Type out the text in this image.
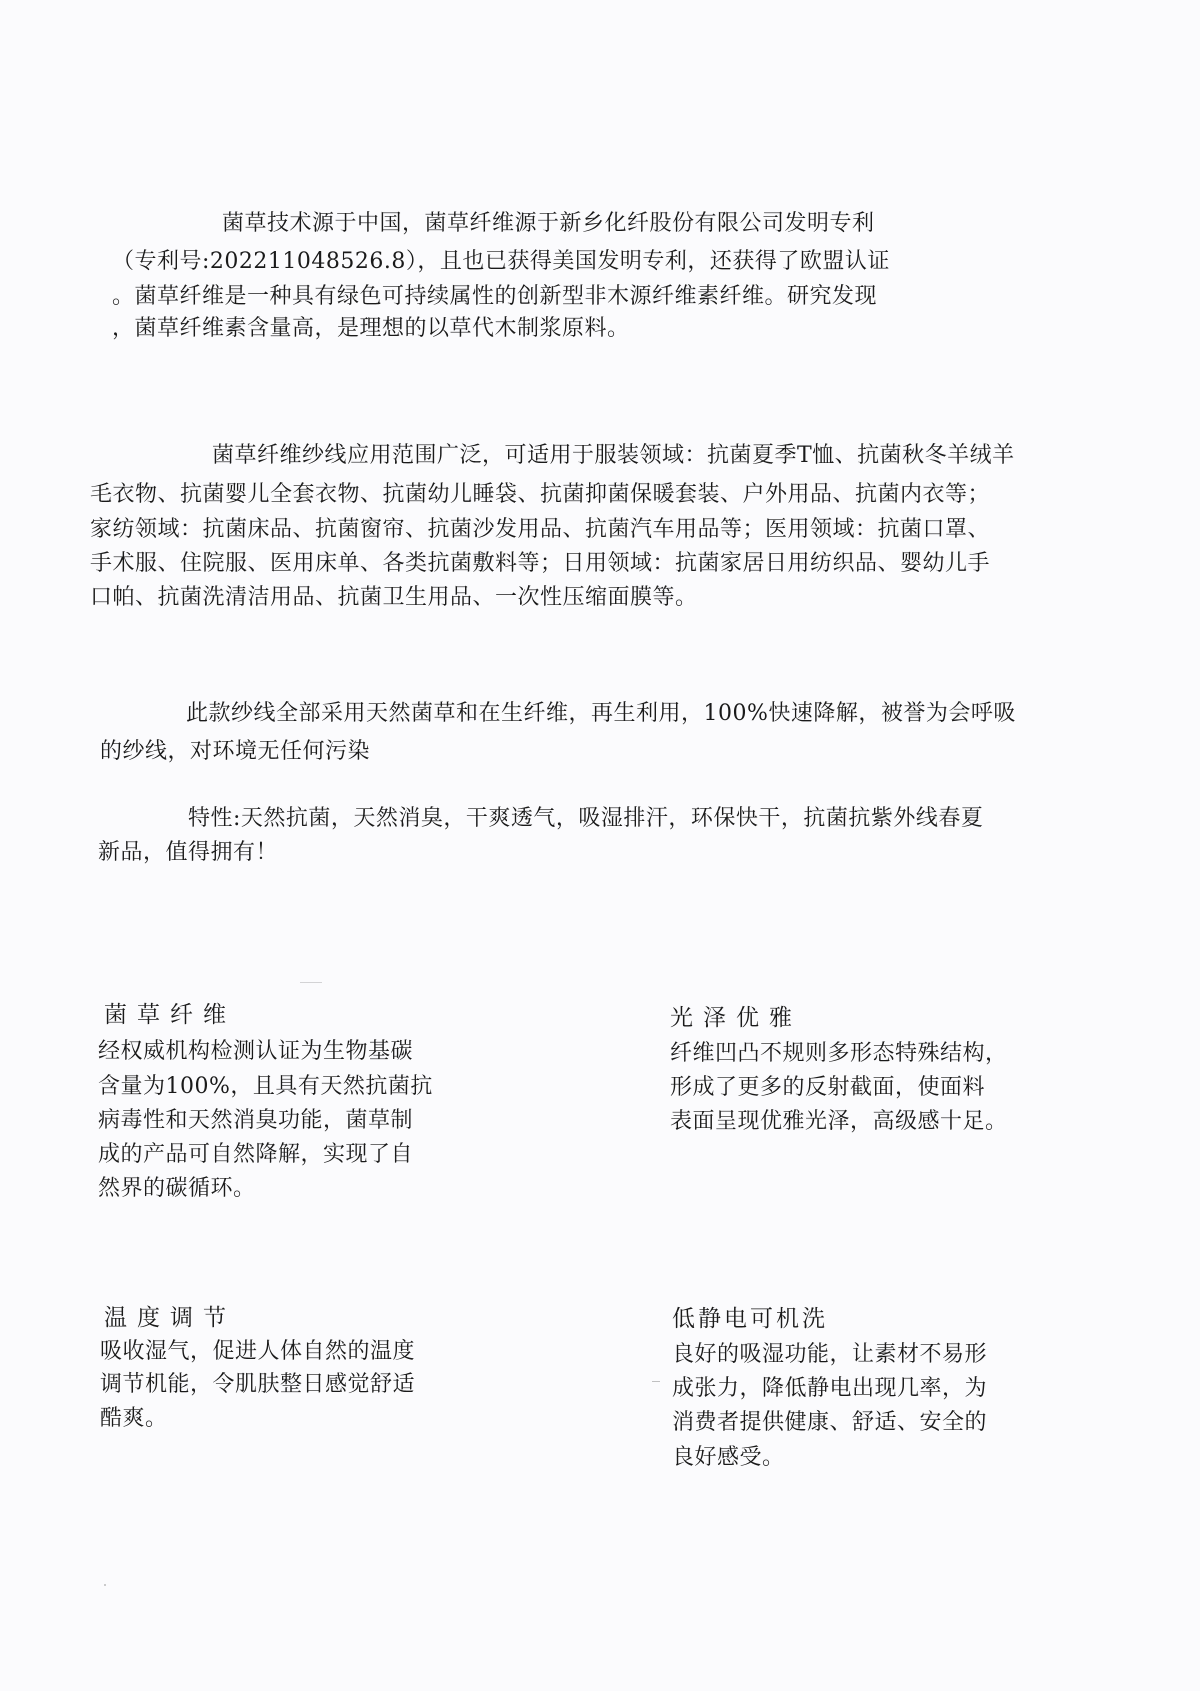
菌草技术源于中国，菌草纤维源于新乡化纤股份有限公司发明专利
（专利号:202211048526.8），且也已获得美国发明专利，还获得了欧盟认证
。菌草纤维是一种具有绿色可持续属性的创新型非木源纤维素纤维。研究发现
，菌草纤维素含量高，是理想的以草代木制浆原料。
菌草纤维纱线应用范围广泛，可适用于服装领域：抗菌夏季T恤、抗菌秋冬羊绒羊
毛衣物、抗菌婴儿全套衣物、抗菌幼儿睡袋、抗菌抑菌保暖套装、户外用品、抗菌内衣等；
家纺领域：抗菌床品、抗菌窗帘、抗菌沙发用品、抗菌汽车用品等；医用领域：抗菌口罩、
手术服、住院服、医用床单、各类抗菌敷料等；日用领域：抗菌家居日用纺织品、婴幼儿手
口帕、抗菌洗清洁用品、抗菌卫生用品、一次性压缩面膜等。
此款纱线全部采用天然菌草和在生纤维，再生利用，100%快速降解，被誉为会呼吸
的纱线，对环境无任何污染
特性:天然抗菌，天然消臭，干爽透气，吸湿排汗，环保快干，抗菌抗紫外线春夏
新品，值得拥有！
菌草纤维
经权威机构检测认证为生物基碳
含量为100%，且具有天然抗菌抗
病毒性和天然消臭功能，菌草制
成的产品可自然降解，实现了自
然界的碳循环。
光泽优雅
纤维凹凸不规则多形态特殊结构，
形成了更多的反射截面，使面料
表面呈现优雅光泽，高级感十足。
温度调节
吸收湿气，促进人体自然的温度
调节机能，令肌肤整日感觉舒适
酷爽。
低静电可机洗
良好的吸湿功能，让素材不易形
成张力，降低静电出现几率，为
消费者提供健康、舒适、安全的
良好感受。
